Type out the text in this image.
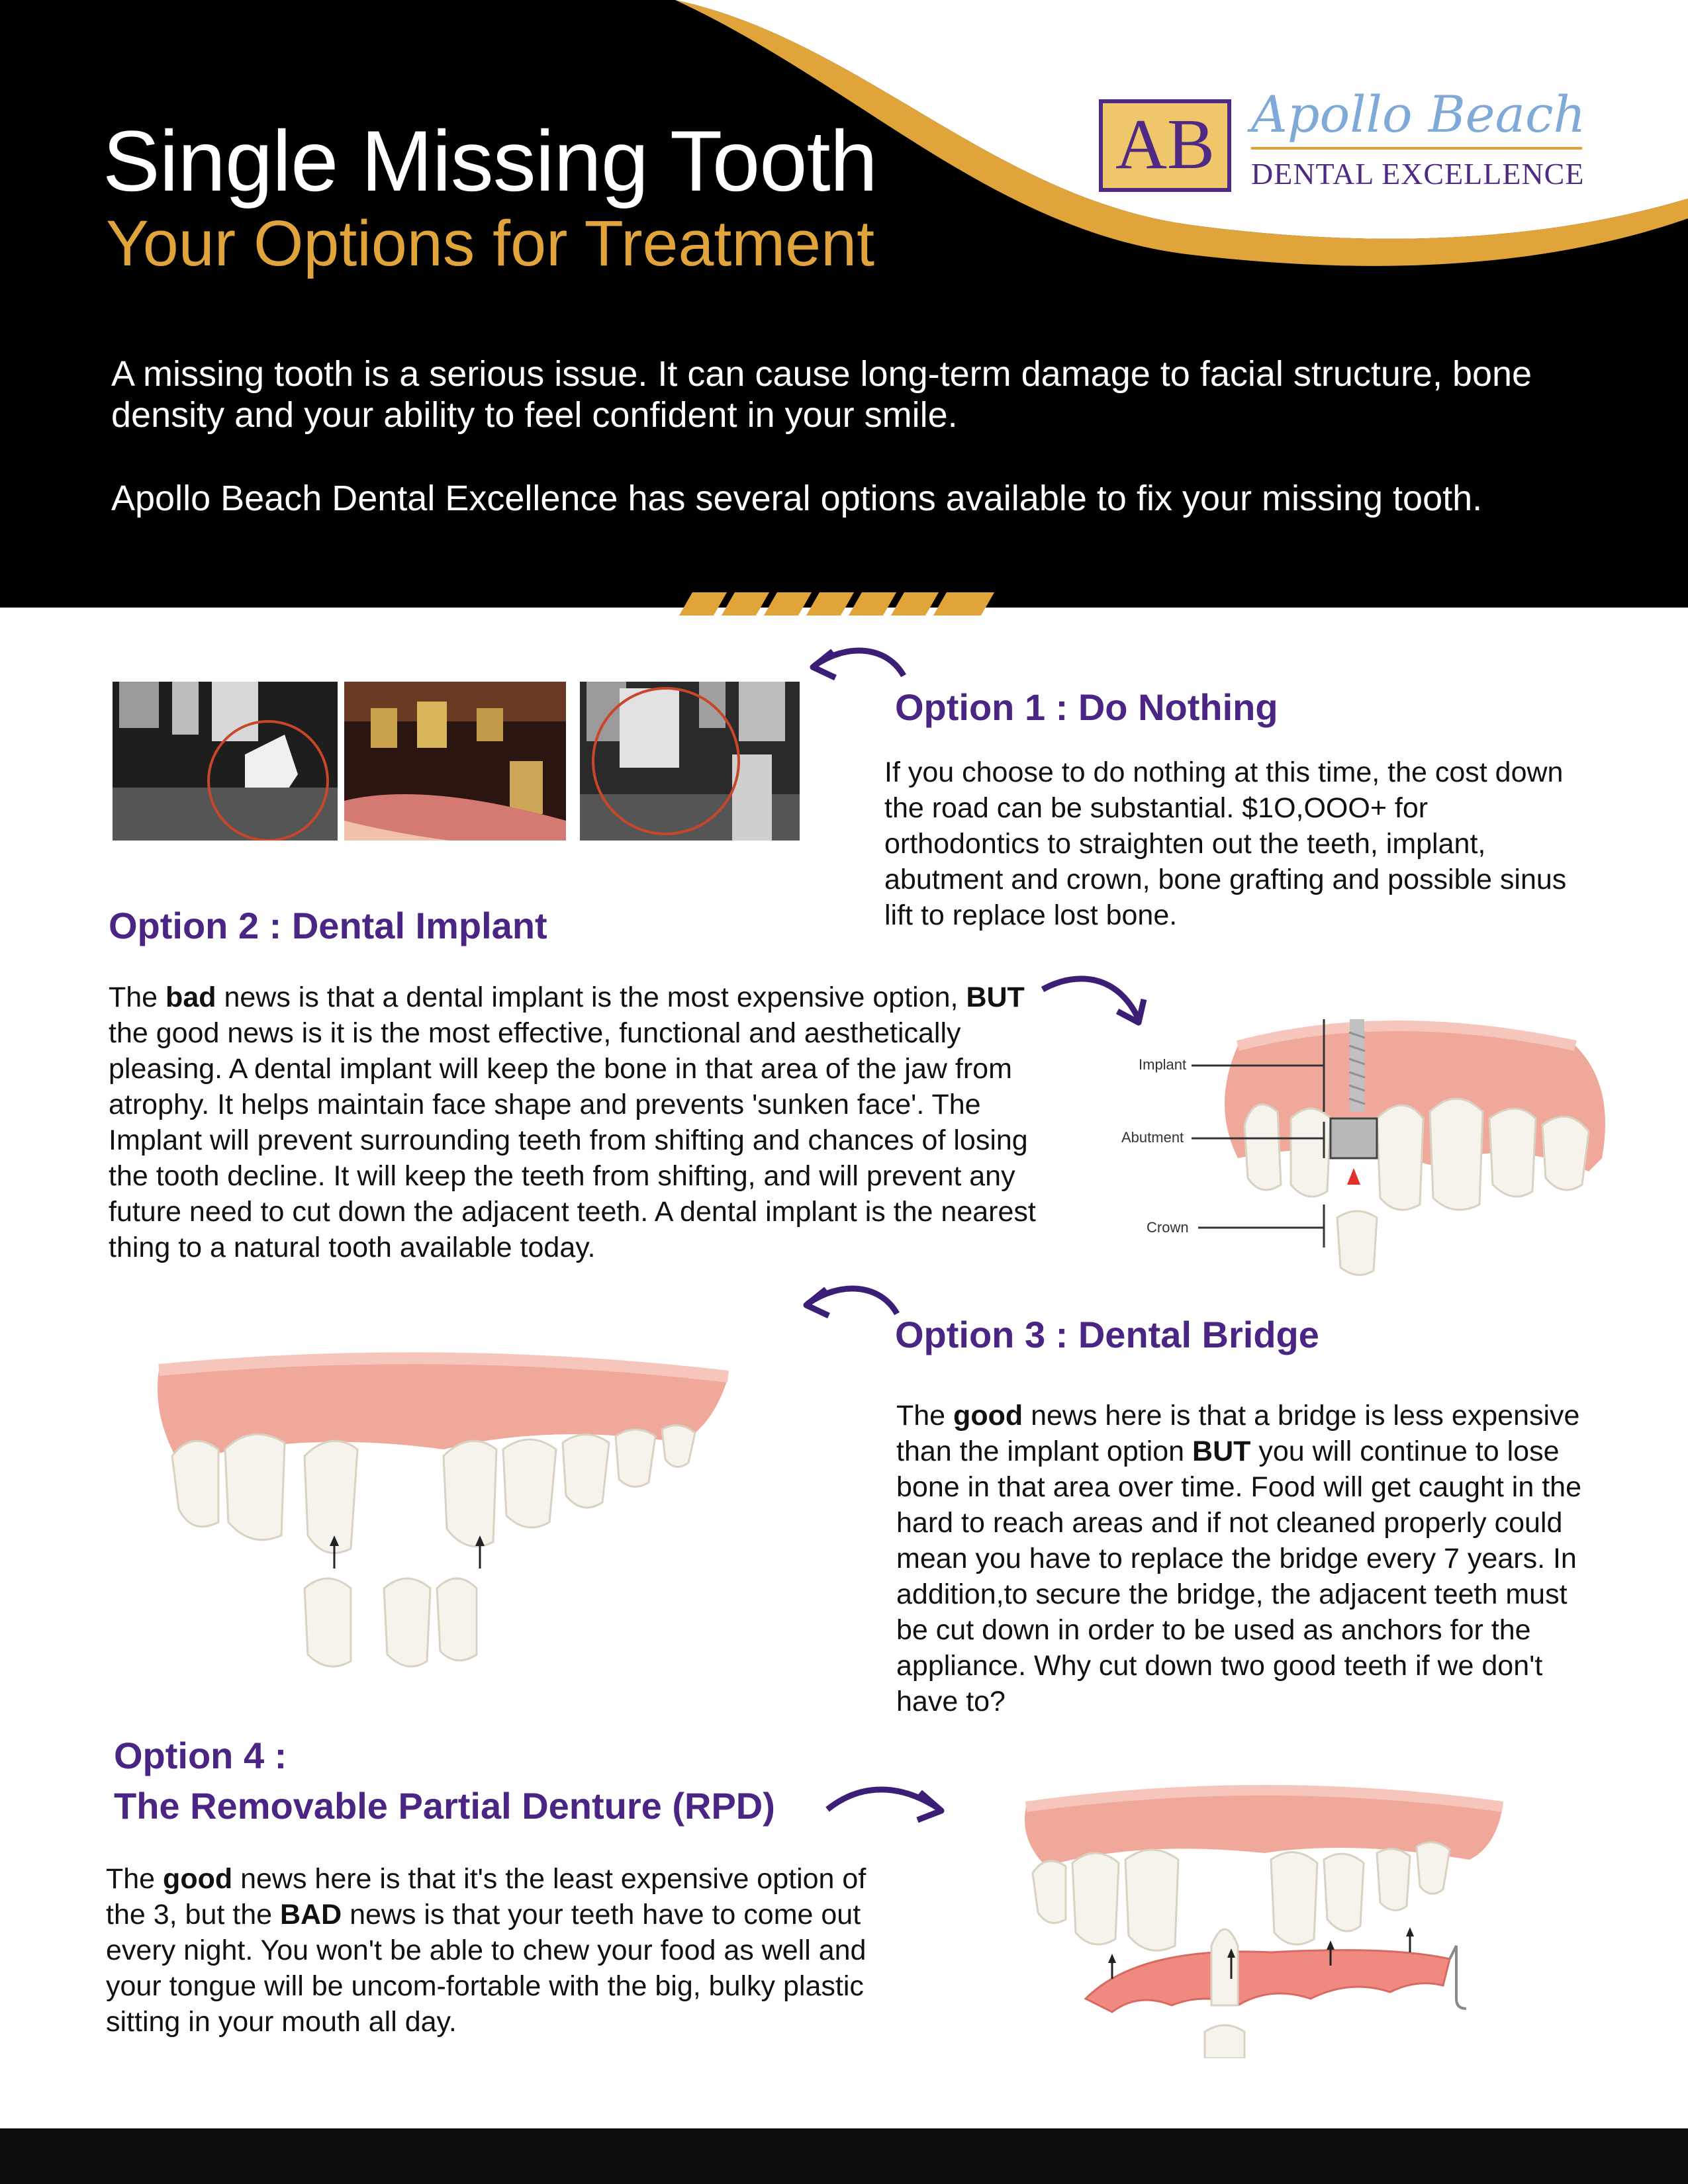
Single Missing Tooth
Your Options for Treatment
A missing tooth is a serious issue. It can cause long-term damage to facial structure, bone density and your ability to feel confident in your smile.
Apollo Beach Dental Excellence has several options available to fix your missing tooth.
AB Apollo Beach
DENTAL EXCELLENCE
Option 1 : Do Nothing
If you choose to do nothing at this time, the cost down the road can be substantial. $1O,OOO+ for orthodontics to straighten out the teeth, implant, abutment and crown, bone grafting and possible sinus lift to replace lost bone.
Option 2 : Dental Implant
The bad news is that a dental implant is the most expensive option, BUT the good news is it is the most effective, functional and aesthetically pleasing. A dental implant will keep the bone in that area of the jaw from atrophy. It helps maintain face shape and prevents 'sunken face'. The Implant will prevent surrounding teeth from shifting and chances of losing the tooth decline. It will keep the teeth from shifting, and will prevent any future need to cut down the adjacent teeth. A dental implant is the nearest thing to a natural tooth available today.
Implant
Abutment
Crown
Option 3 : Dental Bridge
The good news here is that a bridge is less expensive than the implant option BUT you will continue to lose bone in that area over time. Food will get caught in the hard to reach areas and if not cleaned properly could mean you have to replace the bridge every 7 years. In addition,to secure the bridge, the adjacent teeth must be cut down in order to be used as anchors for the appliance. Why cut down two good teeth if we don't have to?
Option 4 :
The Removable Partial Denture (RPD)
The good news here is that it's the least expensive option of the 3, but the BAD news is that your teeth have to come out every night. You won't be able to chew your food as well and your tongue will be uncom-fortable with the big, bulky plastic sitting in your mouth all day.
